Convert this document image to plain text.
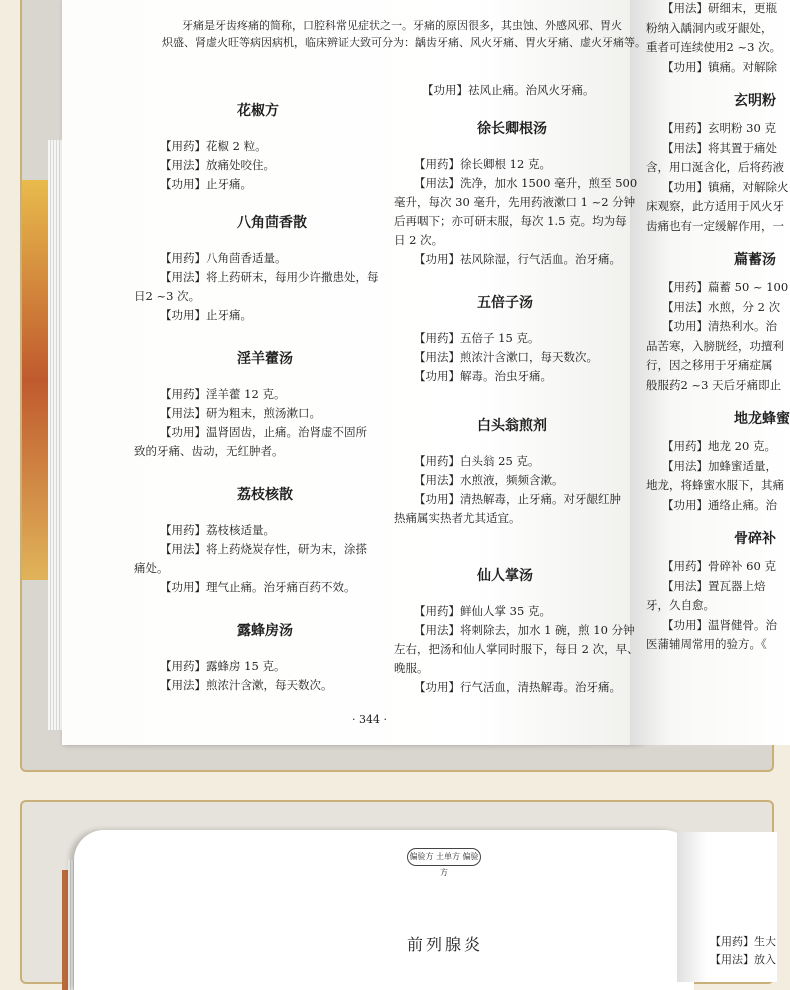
牙痛是牙齿疼痛的简称，口腔科常见症状之一。牙痛的原因很多，其虫蚀、外感风邪、胃火
炽盛、肾虚火旺等病因病机，临床辨证大致可分为：龋齿牙痛、风火牙痛、胃火牙痛、虚火牙痛等。
花椒方
【用药】花椒 2 粒。
【用法】放痛处咬住。
【功用】止牙痛。
八角茴香散
【用药】八角茴香适量。
【用法】将上药研末，每用少许撒患处，每
日2 ~3 次。
【功用】止牙痛。
淫羊藿汤
【用药】淫羊藿 12 克。
【用法】研为粗末，煎汤漱口。
【功用】温肾固齿，止痛。治肾虚不固所
致的牙痛、齿动，无红肿者。
荔枝核散
【用药】荔枝核适量。
【用法】将上药烧炭存性，研为末，涂搽
痛处。
【功用】理气止痛。治牙痛百药不效。
露蜂房汤
【用药】露蜂房 15 克。
【用法】煎浓汁含漱，每天数次。
【功用】祛风止痛。治风火牙痛。
徐长卿根汤
【用药】徐长卿根 12 克。
【用法】洗净，加水 1500 毫升，煎至 500
毫升，每次 30 毫升，先用药液漱口 1 ~2 分钟
后再咽下；亦可研末服，每次 1.5 克。均为每
日 2 次。
【功用】祛风除湿，行气活血。治牙痛。
五倍子汤
【用药】五倍子 15 克。
【用法】煎浓汁含漱口，每天数次。
【功用】解毒。治虫牙痛。
白头翁煎剂
【用药】白头翁 25 克。
【用法】水煎液，频频含漱。
【功用】清热解毒，止牙痛。对牙龈红肿
热痛属实热者尤其适宜。
仙人掌汤
【用药】鲜仙人掌 35 克。
【用法】将刺除去，加水 1 碗，煎 10 分钟
左右，把汤和仙人掌同时服下，每日 2 次，早、
晚服。
【功用】行气活血，清热解毒。治牙痛。
· 344 ·
【用法】研细末，更瓶
粉纳入龋洞内或牙龈处，
重者可连续使用2 ~3 次。
【功用】镇痛。对解除
玄明粉
【用药】玄明粉 30 克
【用法】将其置于痛处
含，用口涎含化，后将药液
【功用】镇痛，对解除火
床观察，此方适用于风火牙
齿痛也有一定缓解作用，一
萹蓄汤
【用药】萹蓄 50 ~ 100
【用法】水煎，分 2 次
【功用】清热利水。治
品苦寒，入膀胱经，功擅利
行，因之移用于牙痛症属
般服药2 ~3 天后牙痛即止
地龙蜂蜜
【用药】地龙 20 克。
【用法】加蜂蜜适量，
地龙，将蜂蜜水服下，其痛
【功用】通络止痛。治
骨碎补
【用药】骨碎补 60 克
【用法】置瓦器上焙
牙，久自愈。
【功用】温肾健骨。治
医蒲辅周常用的验方。《
偏验方 土单方 偏验方
前列腺炎	【用药】生大
【用法】放入
